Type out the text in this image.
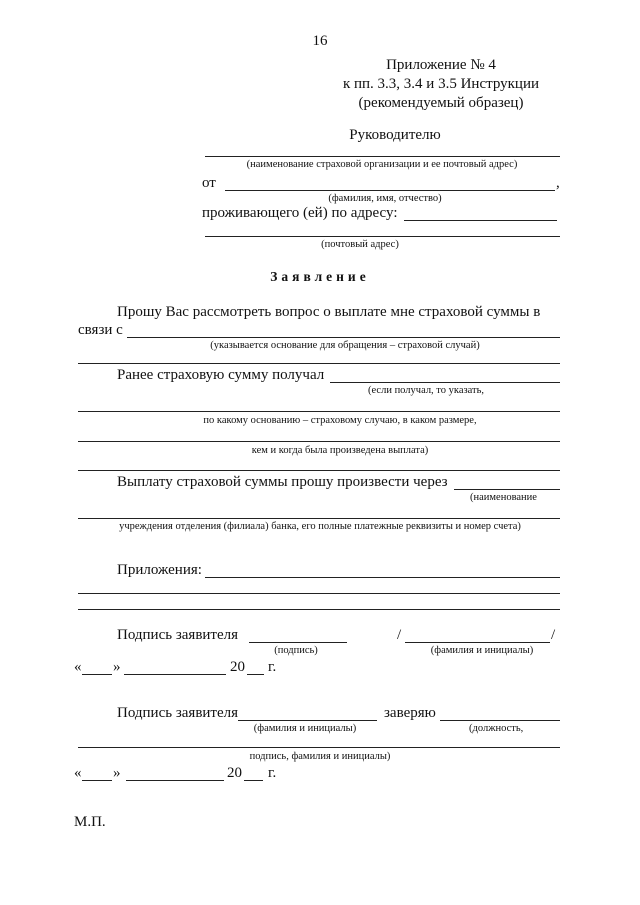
16
Приложение № 4
к пп. 3.3, 3.4 и 3.5 Инструкции
(рекомендуемый образец)
Руководителю
(наименование страховой организации и ее почтовый адрес)
от	,
(фамилия, имя, отчество)
проживающего (ей) по адресу:
(почтовый адрес)
Заявление
Прошу Вас рассмотреть вопрос о выплате мне страховой суммы в
связи с
(указывается основание для обращения – страховой случай)
Ранее страховую сумму получал
(если получал, то указать,
по какому основанию – страховому случаю, в каком размере,
кем и когда была произведена выплата)
Выплату страховой суммы прошу произвести через
(наименование
учреждения отделения (филиала) банка, его полные платежные реквизиты и номер счета)
Приложения:
Подпись заявителя	/	/
(подпись)	(фамилия и инициалы)
« »	20 г.
Подпись заявителя	заверяю
(фамилия и инициалы)	(должность,
подпись, фамилия и инициалы)
« »	20 г.
М.П.
